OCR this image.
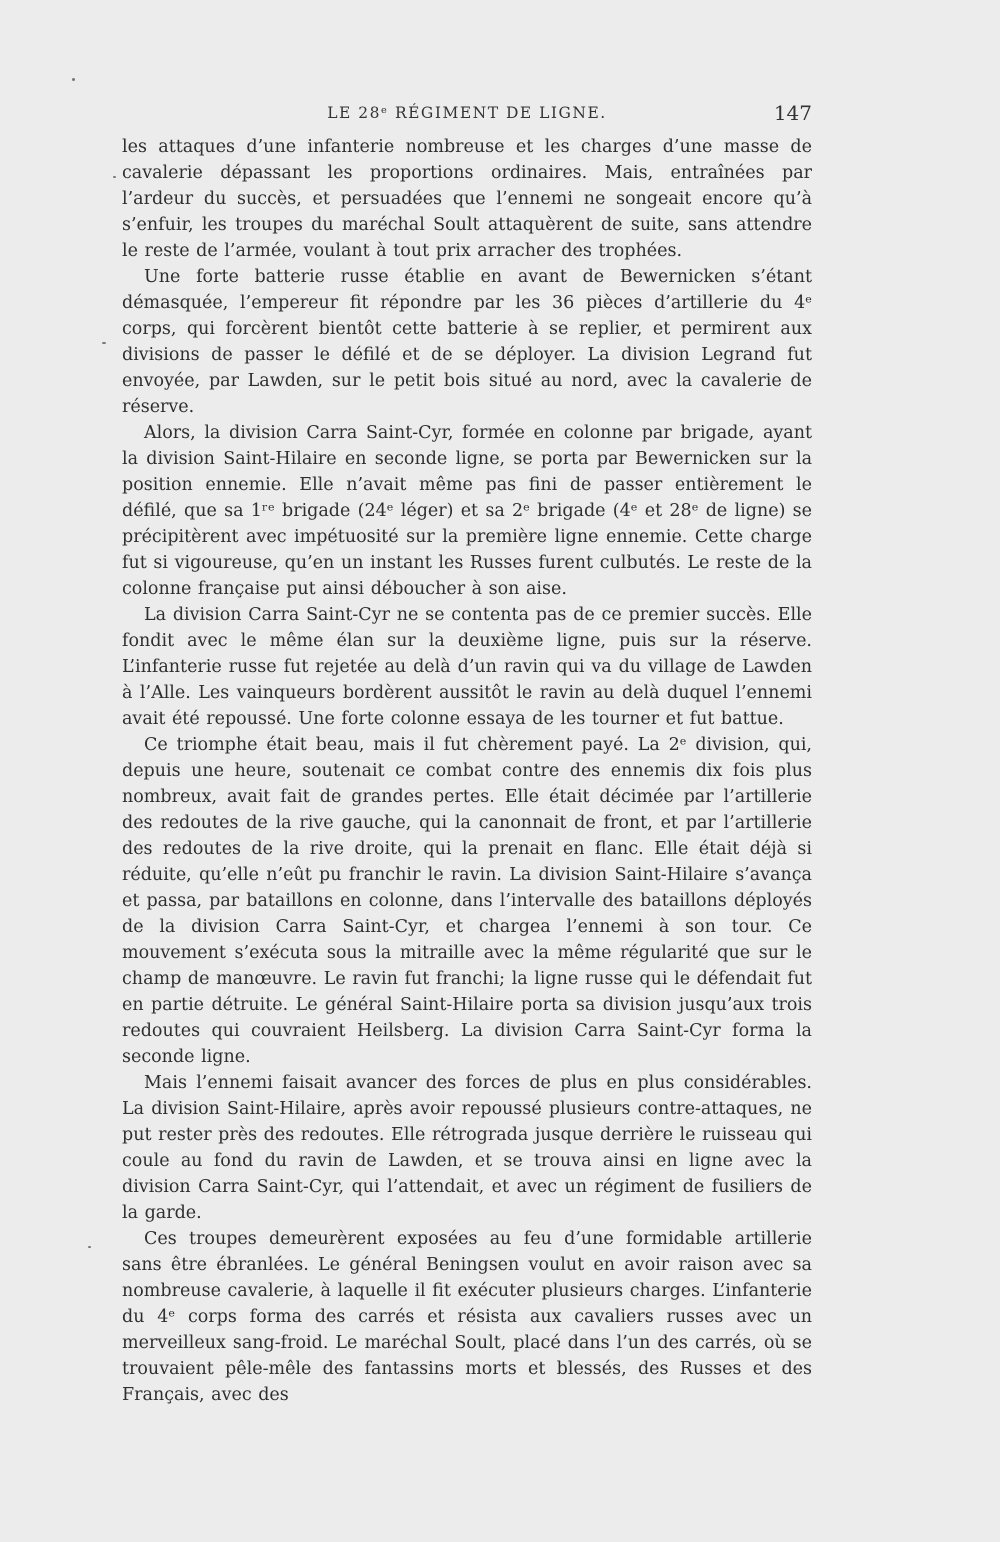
LE 28ᵉ RÉGIMENT DE LIGNE.	147

les attaques d’une infanterie nombreuse et les charges d’une masse de cavalerie dépassant les proportions ordinaires. Mais, entraînées par l’ardeur du succès, et persuadées que l’ennemi ne songeait encore qu’à s’enfuir, les troupes du maréchal Soult attaquèrent de suite, sans attendre le reste de l’armée, voulant à tout prix arracher des trophées.

Une forte batterie russe établie en avant de Bewernicken s’étant démasquée, l’empereur fit répondre par les 36 pièces d’artillerie du 4ᵉ corps, qui forcèrent bientôt cette batterie à se replier, et permirent aux divisions de passer le défilé et de se déployer. La division Legrand fut envoyée, par Lawden, sur le petit bois situé au nord, avec la cavalerie de réserve.

Alors, la division Carra Saint-Cyr, formée en colonne par brigade, ayant la division Saint-Hilaire en seconde ligne, se porta par Bewernicken sur la position ennemie. Elle n’avait même pas fini de passer entièrement le défilé, que sa 1ʳᵉ brigade (24ᵉ léger) et sa 2ᵉ brigade (4ᵉ et 28ᵉ de ligne) se précipitèrent avec impétuosité sur la première ligne ennemie. Cette charge fut si vigoureuse, qu’en un instant les Russes furent culbutés. Le reste de la colonne française put ainsi déboucher à son aise.

La division Carra Saint-Cyr ne se contenta pas de ce premier succès. Elle fondit avec le même élan sur la deuxième ligne, puis sur la réserve. L’infanterie russe fut rejetée au delà d’un ravin qui va du village de Lawden à l’Alle. Les vainqueurs bordèrent aussitôt le ravin au delà duquel l’ennemi avait été repoussé. Une forte colonne essaya de les tourner et fut battue.

Ce triomphe était beau, mais il fut chèrement payé. La 2ᵉ division, qui, depuis une heure, soutenait ce combat contre des ennemis dix fois plus nombreux, avait fait de grandes pertes. Elle était décimée par l’artillerie des redoutes de la rive gauche, qui la canonnait de front, et par l’artillerie des redoutes de la rive droite, qui la prenait en flanc. Elle était déjà si réduite, qu’elle n’eût pu franchir le ravin. La division Saint-Hilaire s’avança et passa, par bataillons en colonne, dans l’intervalle des bataillons déployés de la division Carra Saint-Cyr, et chargea l’ennemi à son tour. Ce mouvement s’exécuta sous la mitraille avec la même régularité que sur le champ de manœuvre. Le ravin fut franchi; la ligne russe qui le défendait fut en partie détruite. Le général Saint-Hilaire porta sa division jusqu’aux trois redoutes qui couvraient Heilsberg. La division Carra Saint-Cyr forma la seconde ligne.

Mais l’ennemi faisait avancer des forces de plus en plus considérables. La division Saint-Hilaire, après avoir repoussé plusieurs contre-attaques, ne put rester près des redoutes. Elle rétrograda jusque derrière le ruisseau qui coule au fond du ravin de Lawden, et se trouva ainsi en ligne avec la division Carra Saint-Cyr, qui l’attendait, et avec un régiment de fusiliers de la garde.

Ces troupes demeurèrent exposées au feu d’une formidable artillerie sans être ébranlées. Le général Beningsen voulut en avoir raison avec sa nombreuse cavalerie, à laquelle il fit exécuter plusieurs charges. L’infanterie du 4ᵉ corps forma des carrés et résista aux cavaliers russes avec un merveilleux sang-froid. Le maréchal Soult, placé dans l’un des carrés, où se trouvaient pêle-mêle des fantassins morts et blessés, des Russes et des Français, avec des
